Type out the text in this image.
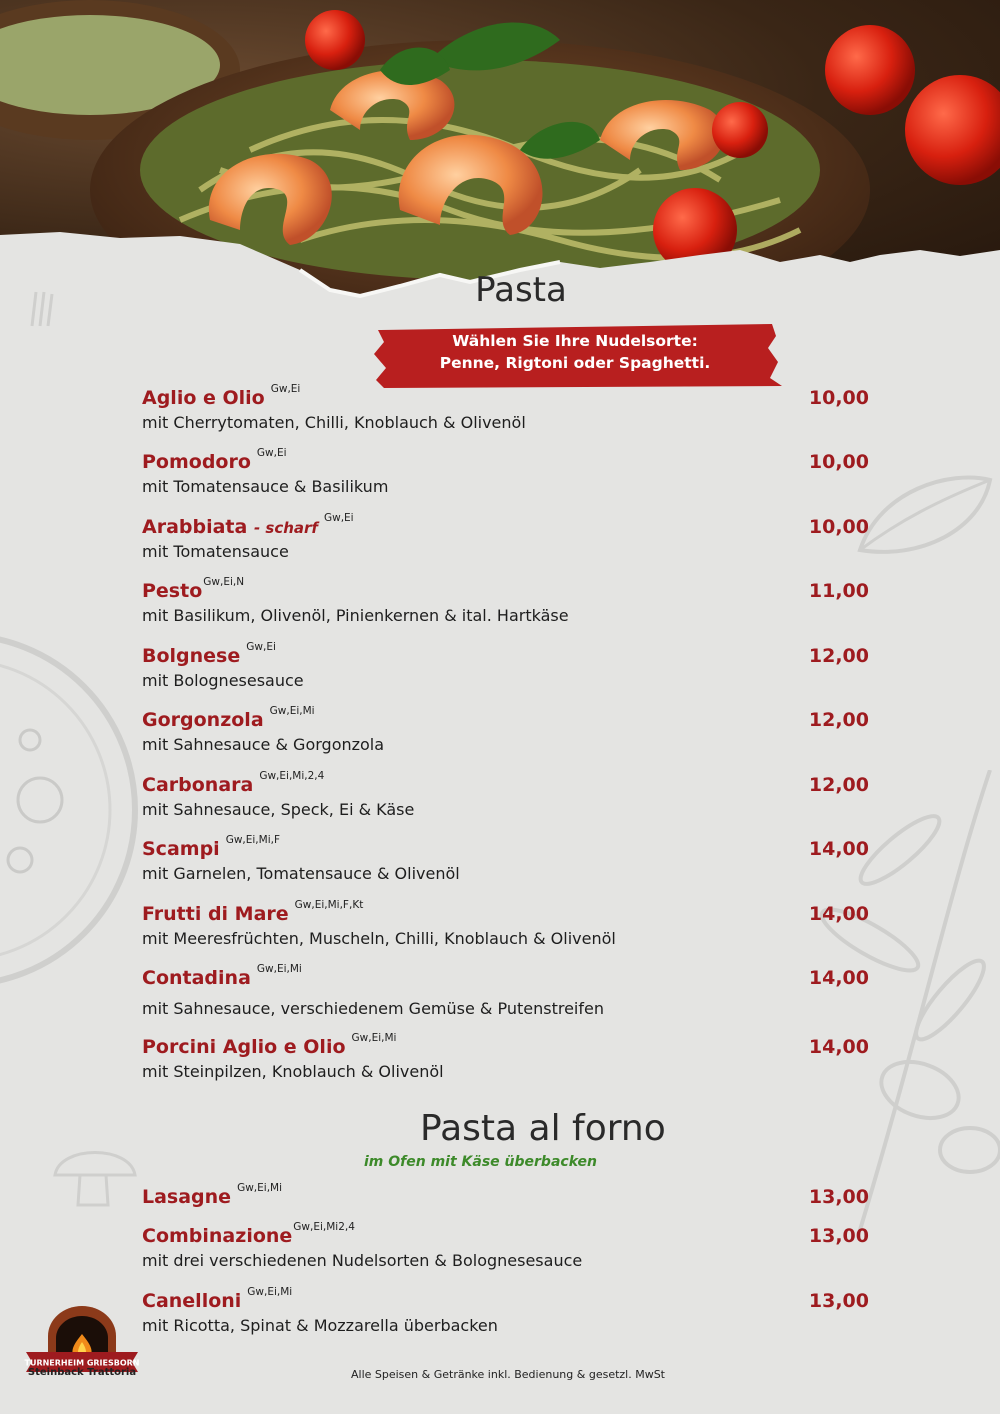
Pasta
Wählen Sie Ihre Nudelsorte:
Penne, Rigtoni oder Spaghetti.
Aglio e Olio $^{Gw,Ei}$
mit Cherrytomaten, Chilli, Knoblauch & Olivenöl
10,00
Pomodoro $^{Gw,Ei}$
mit Tomatensauce & Basilikum
10,00
Arabbiata - scharf$^{Gw,Ei}$
mit Tomatensauce
10,00
Pesto$^{Gw,Ei,N}$
mit Basilikum, Olivenöl, Pinienkernen & ital. Hartkäse
11,00
Bolgnese $^{Gw,Ei}$
mit Bolognesesauce
12,00
Gorgonzola $^{Gw,Ei,Mi}$
mit Sahnesauce & Gorgonzola
12,00
Carbonara $^{Gw,Ei,Mi,2,4}$
mit Sahnesauce, Speck, Ei & Käse
12,00
Scampi $^{Gw,Ei,Mi,F}$
mit Garnelen, Tomatensauce & Olivenöl
14,00
Frutti di Mare $^{Gw,Ei,Mi,F,Kt}$
mit Meeresfrüchten, Muscheln, Chilli, Knoblauch & Olivenöl
14,00
Contadina $^{Gw,Ei,Mi}$
mit Sahnesauce, verschiedenem Gemüse & Putenstreifen
14,00
Porcini Aglio e Olio $^{Gw,Ei,Mi}$
mit Steinpilzen, Knoblauch & Olivenöl
14,00
Pasta al forno
im Ofen mit Käse überbacken
Lasagne $^{Gw,Ei,Mi}$	13,00
Combinazione$^{Gw,Ei,Mi2,4}$
mit drei verschiedenen Nudelsorten & Bolognesesauce
13,00
Canelloni $^{Gw,Ei,Mi}$
mit Ricotta, Spinat & Mozzarella überbacken
13,00
TURNERHEIM GRIESBORN
Steinback Trattoria	Alle Speisen & Getränke inkl. Bedienung & gesetzl. MwSt
